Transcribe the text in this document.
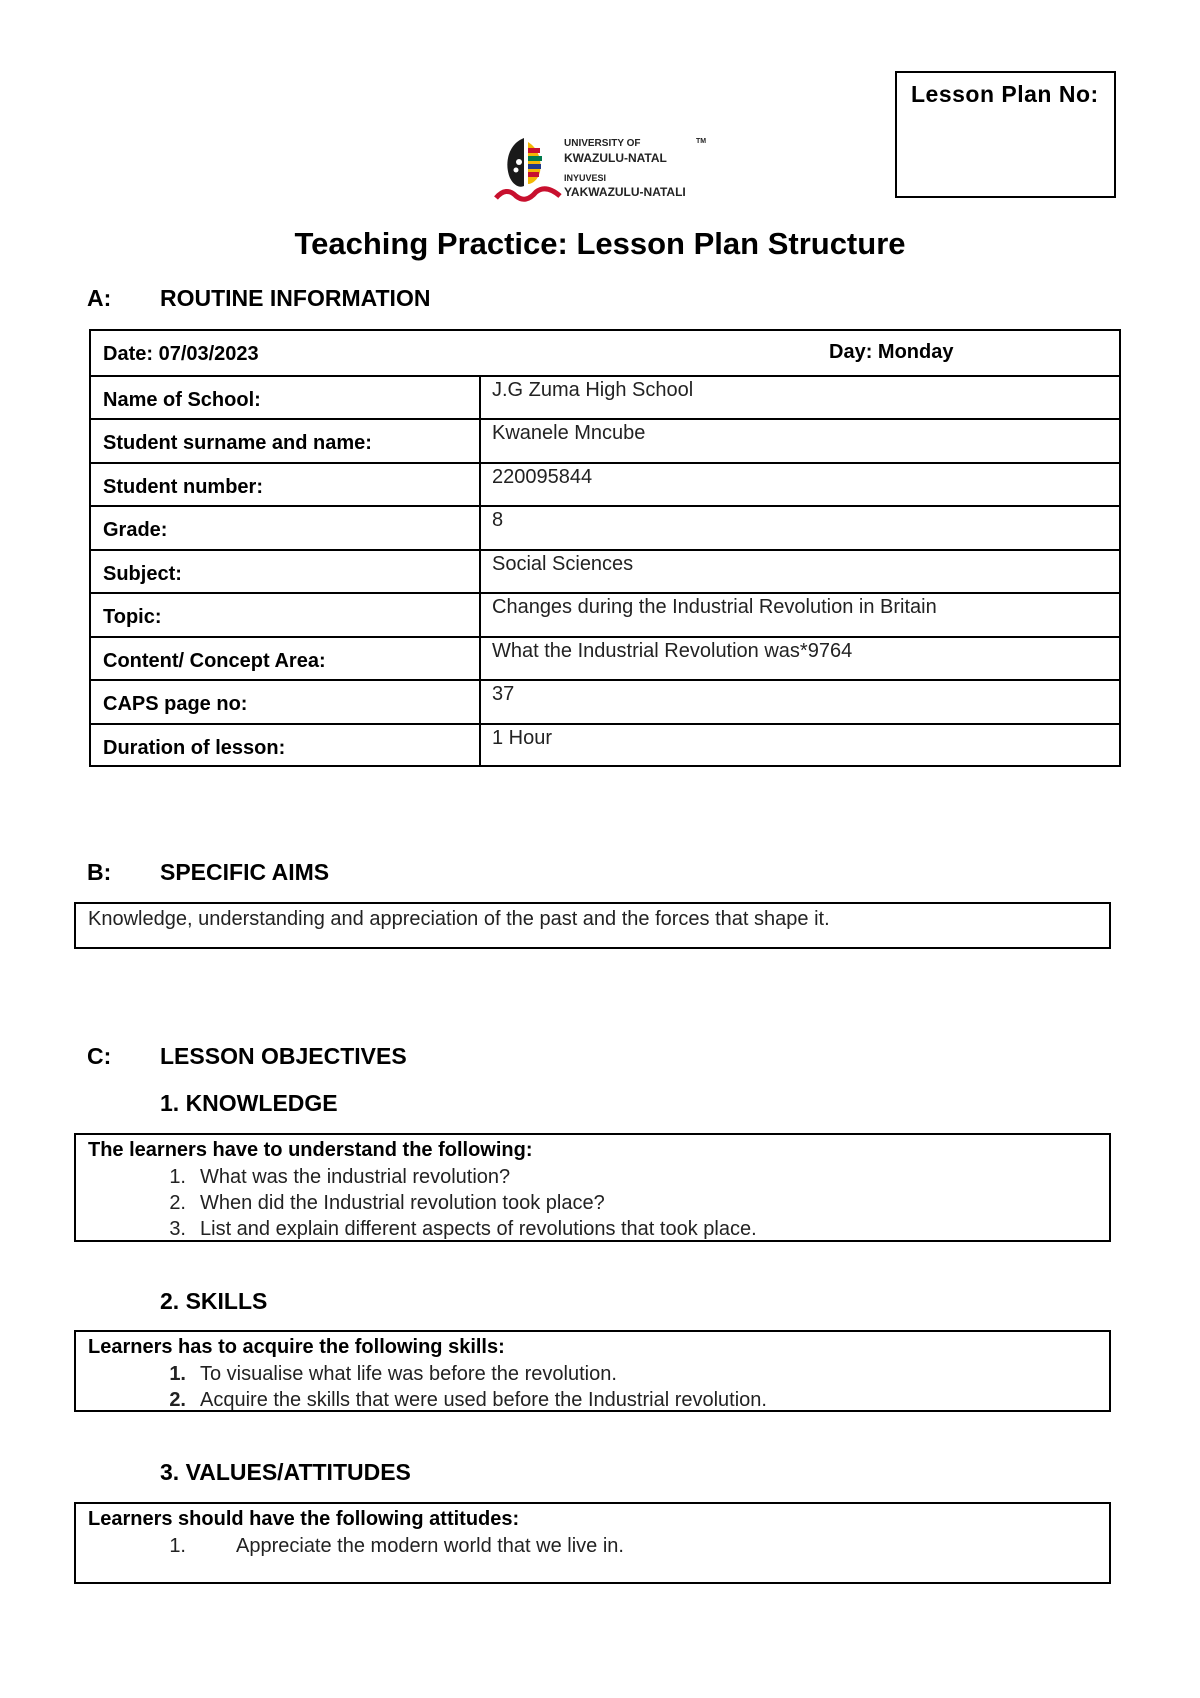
Lesson Plan No:
UNIVERSITY OF	TM
KWAZULU-NATAL
INYUVESI
YAKWAZULU-NATALI
Teaching Practice: Lesson Plan Structure
A: ROUTINE INFORMATION
Date: 07/03/2023	Day: Monday
Name of School:	J.G Zuma High School
Student surname and name:	Kwanele Mncube
Student number:	220095844
Grade:	8
Subject:	Social Sciences
Topic:	Changes during the Industrial Revolution in Britain
Content/ Concept Area:	What the Industrial Revolution was*9764
CAPS page no:	37
Duration of lesson:	1 Hour
B: SPECIFIC AIMS
Knowledge, understanding and appreciation of the past and the forces that shape it.
C: LESSON OBJECTIVES
1. KNOWLEDGE
The learners have to understand the following:
1. What was the industrial revolution?
2. When did the Industrial revolution took place?
3. List and explain different aspects of revolutions that took place.
2. SKILLS
Learners has to acquire the following skills:
1. To visualise what life was before the revolution.
2. Acquire the skills that were used before the Industrial revolution.
3. VALUES/ATTITUDES
Learners should have the following attitudes:
1.	Appreciate the modern world that we live in.
